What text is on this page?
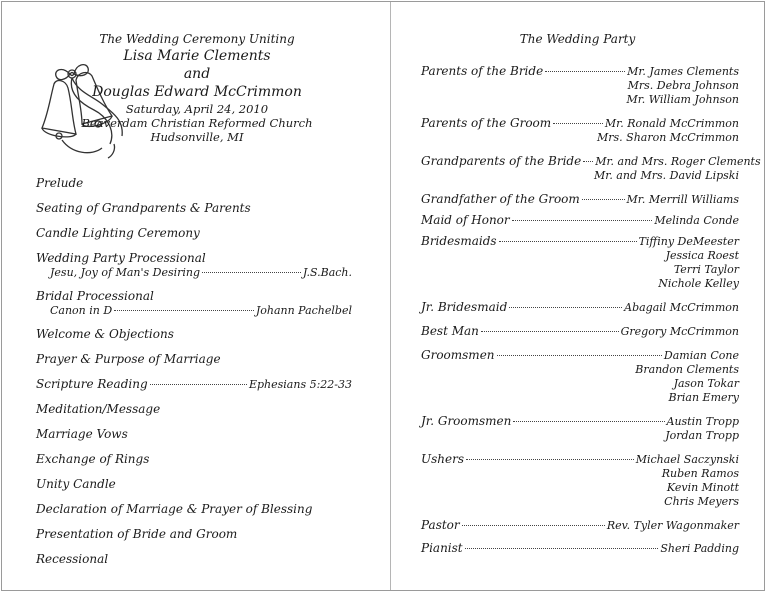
The Wedding Ceremony Uniting
Lisa Marie Clements
and
Douglas Edward McCrimmon
Saturday, April 24, 2010
Beaverdam Christian Reformed Church
Hudsonville, MI
Prelude
Seating of Grandparents & Parents
Candle Lighting Ceremony
Wedding Party Processional
Jesu, Joy of Man's Desiring	J.S.Bach.
Bridal Processional
Canon in D	Johann Pachelbel
Welcome & Objections
Prayer & Purpose of Marriage
Scripture Reading	Ephesians 5:22-33
Meditation/Message
Marriage Vows
Exchange of Rings
Unity Candle
Declaration of Marriage & Prayer of Blessing
Presentation of Bride and Groom
Recessional
The Wedding Party
Parents of the Bride	Mr. James Clements
Mrs. Debra Johnson
Mr. William Johnson
Parents of the Groom	Mr. Ronald McCrimmon
Mrs. Sharon McCrimmon
Grandparents of the Bride Mr. and Mrs. Roger Clements
Mr. and Mrs. David Lipski
Grandfather of the Groom	Mr. Merrill Williams
Maid of Honor	Melinda Conde
Bridesmaids	Tiffiny DeMeester
Jessica Roest
Terri Taylor
Nichole Kelley
Jr. Bridesmaid	Abagail McCrimmon
Best Man	Gregory McCrimmon
Groomsmen	Damian Cone
Brandon Clements
Jason Tokar
Brian Emery
Jr. Groomsmen	Austin Tropp
Jordan Tropp
Ushers	Michael Saczynski
Ruben Ramos
Kevin Minott
Chris Meyers
Pastor	Rev. Tyler Wagonmaker
Pianist	Sheri Padding
